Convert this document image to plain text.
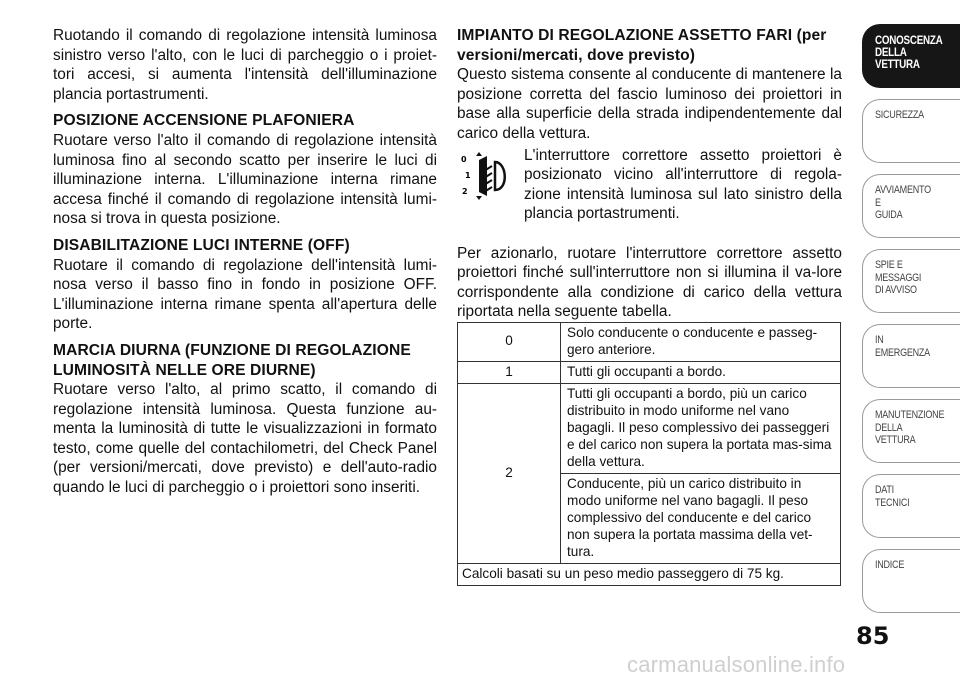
Ruotando il comando di regolazione intensità luminosa sinistro verso l'alto, con le luci di parcheggio o i proiet-tori accesi, si aumenta l'intensità dell'illuminazione plancia portastrumenti.

POSIZIONE ACCENSIONE PLAFONIERA

Ruotare verso l'alto il comando di regolazione intensità luminosa fino al secondo scatto per inserire le luci di illuminazione interna. L'illuminazione interna rimane accesa finché il comando di regolazione intensità lumi-nosa si trova in questa posizione.

DISABILITAZIONE LUCI INTERNE (OFF)

Ruotare il comando di regolazione dell'intensità lumi-nosa verso il basso fino in fondo in posizione OFF. L'illuminazione interna rimane spenta all'apertura delle porte.

MARCIA DIURNA (FUNZIONE DI REGOLAZIONE LUMINOSITÀ NELLE ORE DIURNE)

Ruotare verso l'alto, al primo scatto, il comando di regolazione intensità luminosa. Questa funzione au-menta la luminosità di tutte le visualizzazioni in formato testo, come quelle del contachilometri, del Check Panel (per versioni/mercati, dove previsto) e dell'auto-radio quando le luci di parcheggio o i proiettori sono inseriti.

IMPIANTO DI REGOLAZIONE ASSETTO FARI (per versioni/mercati, dove previsto)

Questo sistema consente al conducente di mantenere la posizione corretta del fascio luminoso dei proiettori in base alla superficie della strada indipendentemente dal carico della vettura.

0
1
2

L'interruttore correttore assetto proiettori è posizionato vicino all'interruttore di regola-zione intensità luminosa sul lato sinistro della plancia portastrumenti.

Per azionarlo, ruotare l'interruttore correttore assetto proiettori finché sull'interruttore non si illumina il va-lore corrispondente alla condizione di carico della vettura riportata nella seguente tabella.

0	Solo conducente o conducente e passeg-gero anteriore.
1	Tutti gli occupanti a bordo.
2	Tutti gli occupanti a bordo, più un carico distribuito in modo uniforme nel vano bagagli. Il peso complessivo dei passeggeri e del carico non supera la portata mas-sima della vettura.
	Conducente, più un carico distribuito in modo uniforme nel vano bagagli. Il peso complessivo del conducente e del carico non supera la portata massima della vet-tura.
Calcoli basati su un peso medio passeggero di 75 kg.	
CONOSCENZA
DELLA
VETTURA
SICUREZZA
AVVIAMENTO
E
GUIDA
SPIE E
MESSAGGI
DI AVVISO
IN
EMERGENZA
MANUTENZIONE
DELLA
VETTURA
DATI
TECNICI
INDICE
85
carmanualsonline.info
